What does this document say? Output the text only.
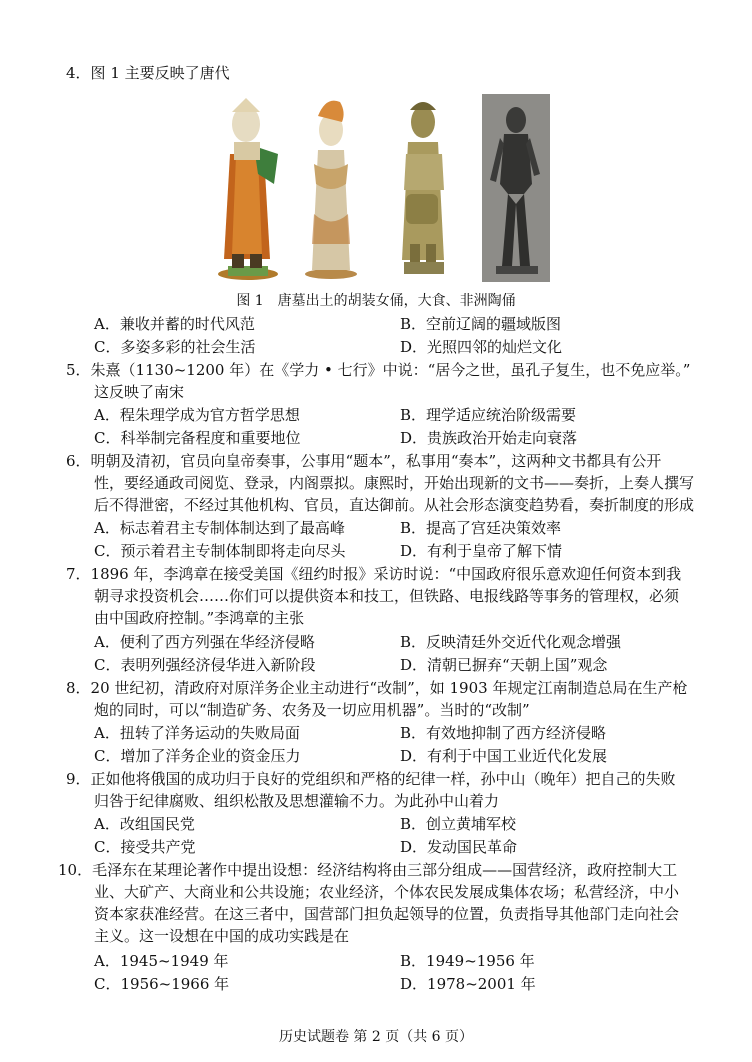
4．图 1 主要反映了唐代
图 1　唐墓出土的胡装女俑，大食、非洲陶俑
A．兼收并蓄的时代风范	B．空前辽阔的疆域版图
C．多姿多彩的社会生活	D．光照四邻的灿烂文化
5．朱熹（1130~1200 年）在《学力 • 七行》中说：“居今之世，虽孔子复生，也不免应举。”
这反映了南宋
A．程朱理学成为官方哲学思想	B．理学适应统治阶级需要
C．科举制完备程度和重要地位	D．贵族政治开始走向衰落
6．明朝及清初，官员向皇帝奏事，公事用“题本”，私事用“奏本”，这两种文书都具有公开
性，要经通政司阅览、登录，内阁票拟。康熙时，开始出现新的文书——奏折，上奏人撰写
后不得泄密，不经过其他机构、官员，直达御前。从社会形态演变趋势看，奏折制度的形成
A．标志着君主专制体制达到了最高峰	B．提高了宫廷决策效率
C．预示着君主专制体制即将走向尽头	D．有利于皇帝了解下情
7．1896 年，李鸿章在接受美国《纽约时报》采访时说：“中国政府很乐意欢迎任何资本到我
朝寻求投资机会……你们可以提供资本和技工，但铁路、电报线路等事务的管理权，必须
由中国政府控制。”李鸿章的主张
A．便利了西方列强在华经济侵略	B．反映清廷外交近代化观念增强
C．表明列强经济侵华进入新阶段	D．清朝已摒弃“天朝上国”观念
8．20 世纪初，清政府对原洋务企业主动进行“改制”，如 1903 年规定江南制造总局在生产枪
炮的同时，可以“制造矿务、农务及一切应用机器”。当时的“改制”
A．扭转了洋务运动的失败局面	B．有效地抑制了西方经济侵略
C．增加了洋务企业的资金压力	D．有利于中国工业近代化发展
9．正如他将俄国的成功归于良好的党组织和严格的纪律一样，孙中山（晚年）把自己的失败
归咎于纪律腐败、组织松散及思想灌输不力。为此孙中山着力
A．改组国民党	B．创立黄埔军校
C．接受共产党	D．发动国民革命
10．毛泽东在某理论著作中提出设想：经济结构将由三部分组成——国营经济，政府控制大工
业、大矿产、大商业和公共设施；农业经济，个体农民发展成集体农场；私营经济，中小
资本家获准经营。在这三者中，国营部门担负起领导的位置，负责指导其他部门走向社会
主义。这一设想在中国的成功实践是在
A．1945~1949 年	B．1949~1956 年
C．1956~1966 年	D．1978~2001 年
历史试题卷 第 2 页（共 6 页）
